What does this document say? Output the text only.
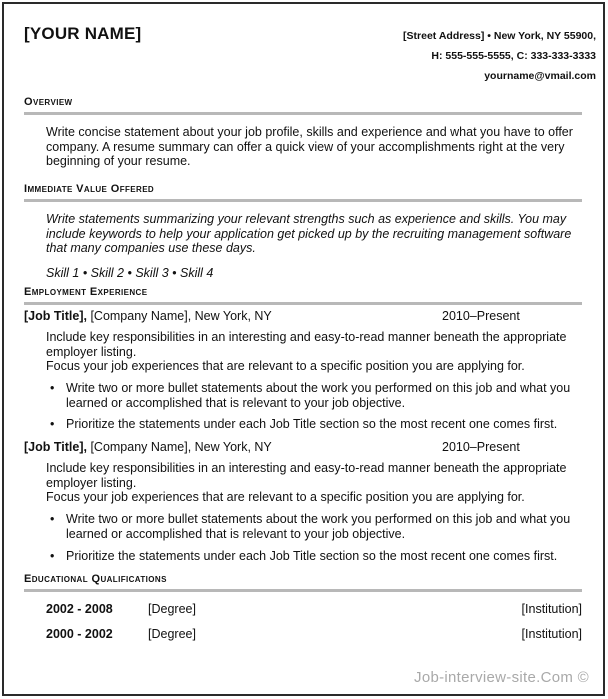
[YOUR NAME]	[Street Address] • New York, NY 55900,
H: 555-555-5555, C: 333-333-3333
yourname@vmail.com
Overview
Write concise statement about your job profile, skills and experience and what you have to offer
company. A resume summary can offer a quick view of your accomplishments right at the very
beginning of your resume.
Immediate Value Offered
Write statements summarizing your relevant strengths such as experience and skills. You may
include keywords to help your application get picked up by the recruiting management software
that many companies use these days.
Skill 1 • Skill 2 • Skill 3 • Skill 4
Employment Experience
[Job Title], [Company Name], New York, NY	2010–Present
Include key responsibilities in an interesting and easy-to-read manner beneath the appropriate
employer listing.
Focus your job experiences that are relevant to a specific position you are applying for.
• Write two or more bullet statements about the work you performed on this job and what you
learned or accomplished that is relevant to your job objective.
• Prioritize the statements under each Job Title section so the most recent one comes first.
[Job Title], [Company Name], New York, NY	2010–Present
Include key responsibilities in an interesting and easy-to-read manner beneath the appropriate
employer listing.
Focus your job experiences that are relevant to a specific position you are applying for.
• Write two or more bullet statements about the work you performed on this job and what you
learned or accomplished that is relevant to your job objective.
• Prioritize the statements under each Job Title section so the most recent one comes first.
Educational Qualifications
2002 - 2008	[Degree]	[Institution]
2000 - 2002	[Degree]	[Institution]
Job-interview-site.Com ©
